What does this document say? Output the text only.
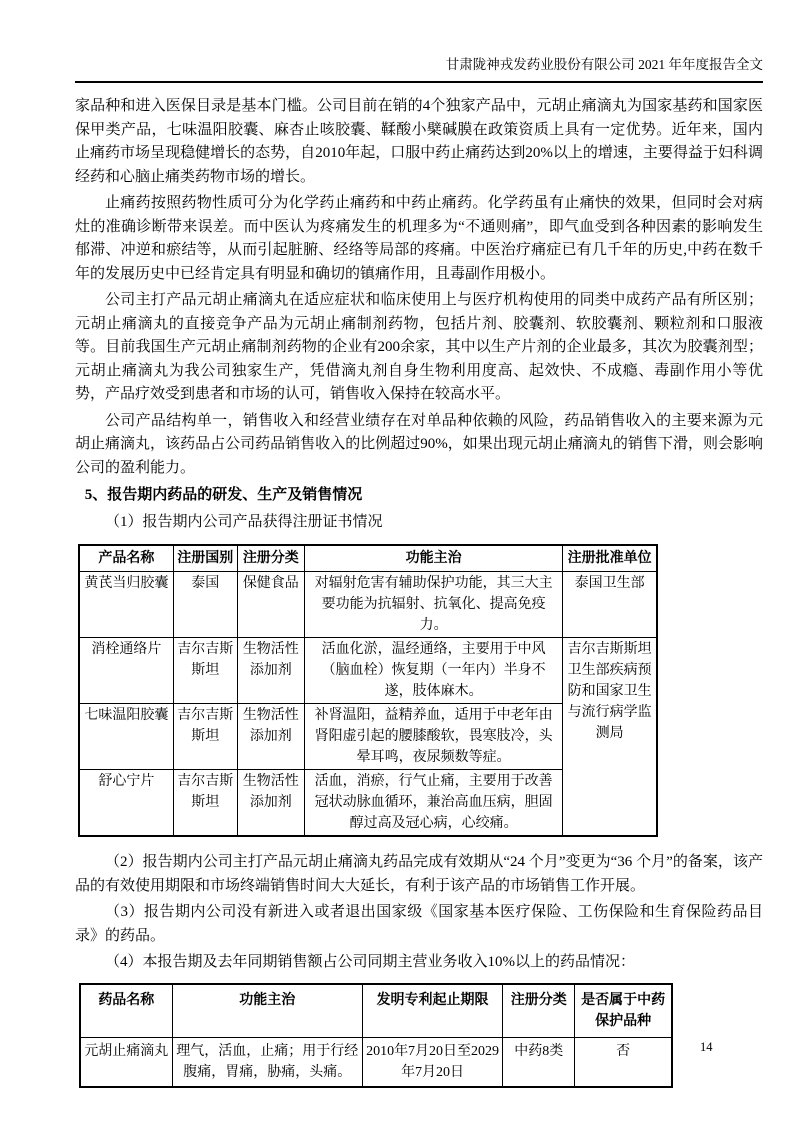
甘肃陇神戎发药业股份有限公司 2021 年年度报告全文

家品种和进入医保目录是基本门槛。公司目前在销的4个独家产品中，元胡止痛滴丸为国家基药和国家医保甲类产品，七味温阳胶囊、麻杏止咳胶囊、鞣酸小檗碱膜在政策资质上具有一定优势。近年来，国内止痛药市场呈现稳健增长的态势，自2010年起，口服中药止痛药达到20%以上的增速，主要得益于妇科调经药和心脑止痛类药物市场的增长。

止痛药按照药物性质可分为化学药止痛药和中药止痛药。化学药虽有止痛快的效果，但同时会对病灶的准确诊断带来误差。而中医认为疼痛发生的机理多为“不通则痛”，即气血受到各种因素的影响发生郁滞、冲逆和瘀结等，从而引起脏腑、经络等局部的疼痛。中医治疗痛症已有几千年的历史,中药在数千年的发展历史中已经肯定具有明显和确切的镇痛作用，且毒副作用极小。

公司主打产品元胡止痛滴丸在适应症状和临床使用上与医疗机构使用的同类中成药产品有所区别；元胡止痛滴丸的直接竞争产品为元胡止痛制剂药物，包括片剂、胶囊剂、软胶囊剂、颗粒剂和口服液等。目前我国生产元胡止痛制剂药物的企业有200余家，其中以生产片剂的企业最多，其次为胶囊剂型；元胡止痛滴丸为我公司独家生产，凭借滴丸剂自身生物利用度高、起效快、不成瘾、毒副作用小等优势，产品疗效受到患者和市场的认可，销售收入保持在较高水平。

公司产品结构单一，销售收入和经营业绩存在对单品种依赖的风险，药品销售收入的主要来源为元胡止痛滴丸，该药品占公司药品销售收入的比例超过90%，如果出现元胡止痛滴丸的销售下滑，则会影响公司的盈利能力。

5、报告期内药品的研发、生产及销售情况

（1）报告期内公司产品获得注册证书情况

产品名称	注册国别	注册分类	功能主治	注册批准单位
黄芪当归胶囊	泰国	保健食品	对辐射危害有辅助保护功能，其三大主要功能为抗辐射、抗氧化、提高免疫力。	泰国卫生部
消栓通络片	吉尔吉斯斯坦	生物活性添加剂	活血化淤，温经通络，主要用于中风（脑血栓）恢复期（一年内）半身不遂，肢体麻木。	吉尔吉斯斯坦卫生部疾病预防和国家卫生与流行病学监测局
七味温阳胶囊	吉尔吉斯斯坦	生物活性添加剂	补肾温阳，益精养血，适用于中老年由肾阳虚引起的腰膝酸软，畏寒肢冷，头晕耳鸣，夜尿频数等症。	
舒心宁片	吉尔吉斯斯坦	生物活性添加剂	活血，消瘀，行气止痛，主要用于改善冠状动脉血循环，兼治高血压病，胆固醇过高及冠心病，心绞痛。	

（2）报告期内公司主打产品元胡止痛滴丸药品完成有效期从“24 个月”变更为“36 个月”的备案，该产品的有效使用期限和市场终端销售时间大大延长，有利于该产品的市场销售工作开展。

（3）报告期内公司没有新进入或者退出国家级《国家基本医疗保险、工伤保险和生育保险药品目录》的药品。

（4）本报告期及去年同期销售额占公司同期主营业务收入10%以上的药品情况：

药品名称	功能主治	发明专利起止期限	注册分类	是否属于中药保护品种
元胡止痛滴丸	理气，活血，止痛；用于行经腹痛，胃痛，胁痛，头痛。	2010年7月20日至2029年7月20日	中药8类	否	14
